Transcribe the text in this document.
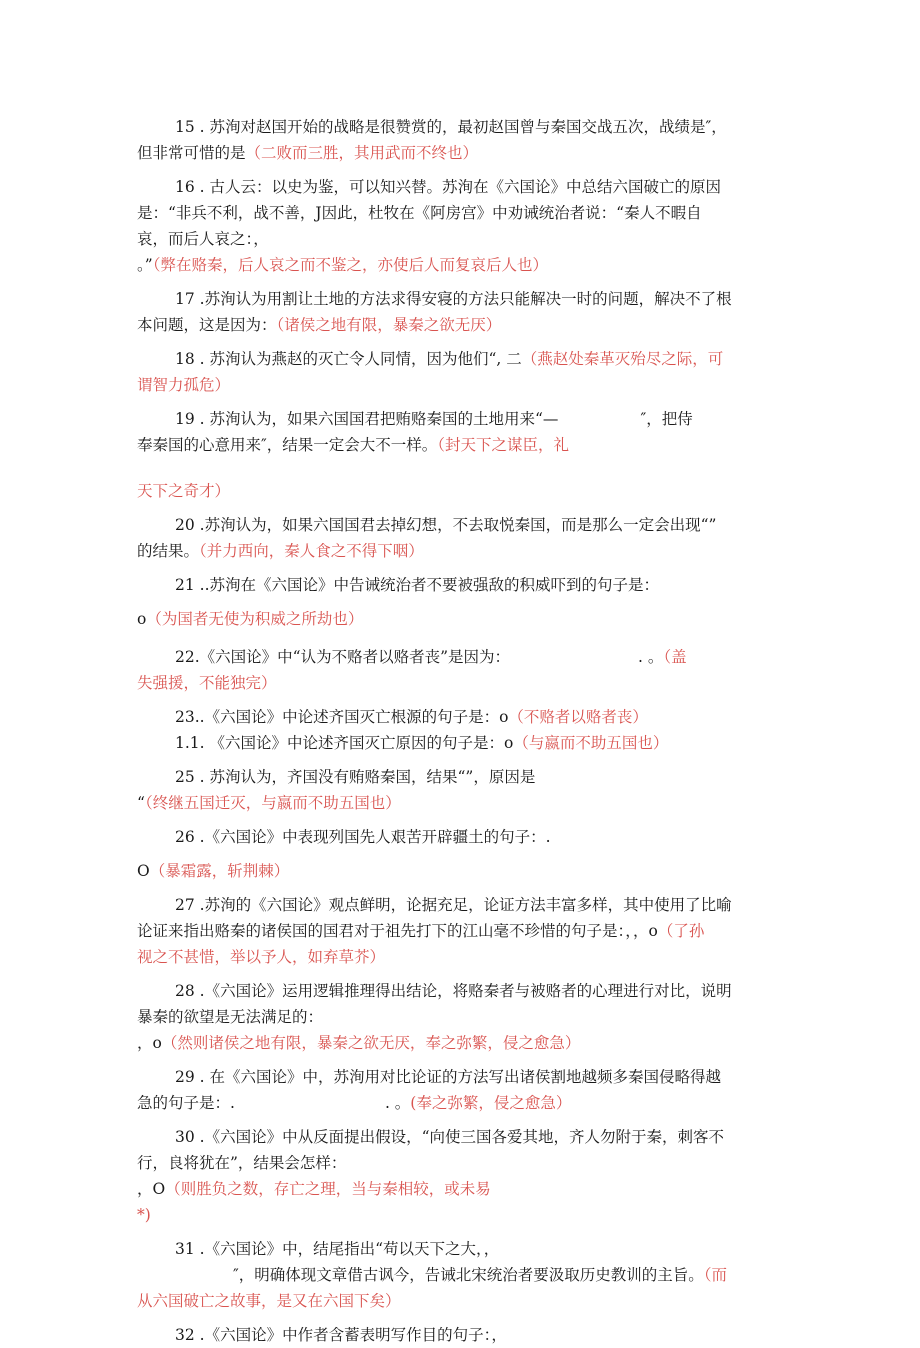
15 . 苏洵对赵国开始的战略是很赞赏的，最初赵国曾与秦国交战五次，战绩是″，
但非常可惜的是（二败而三胜，其用武而不终也）
16 . 古人云：以史为鉴，可以知兴替。苏洵在《六国论》中总结六国破亡的原因
是：“非兵不利，战不善，J因此，杜牧在《阿房宫》中劝诫统治者说：“秦人不暇自
哀，而后人哀之：，
。”（弊在赂秦，后人哀之而不鉴之，亦使后人而复哀后人也）
17 .苏洵认为用割让土地的方法求得安寝的方法只能解决一时的问题，解决不了根
本问题，这是因为：（诸侯之地有限，暴秦之欲无厌）
18 . 苏洵认为燕赵的灭亡令人同情，因为他们“, 二（燕赵处秦革灭殆尽之际，可
谓智力孤危）
19 . 苏洵认为，如果六国国君把贿赂秦国的土地用来“—	″，把侍
奉秦国的心意用来″，结果一定会大不一样。（封天下之谋臣，礼
天下之奇才）
20 .苏洵认为，如果六国国君去掉幻想，不去取悦秦国，而是那么一定会出现“”
的结果。（并力西向，秦人食之不得下咽）
21 ..苏洵在《六国论》中告诫统治者不要被强敌的积威吓到的句子是：
o（为国者无使为积威之所劫也）
22.《六国论》中“认为不赂者以赂者丧”是因为：	. 。（盖
失强援，不能独完）
23..《六国论》中论述齐国灭亡根源的句子是：o（不赂者以赂者丧）
1.1. 《六国论》中论述齐国灭亡原因的句子是：o（与嬴而不助五国也）
25 . 苏洵认为，齐国没有贿赂秦国，结果“”，原因是
“（终继五国迁灭，与嬴而不助五国也）
26 .《六国论》中表现列国先人艰苦开辟疆土的句子：.
O（暴霜露，斩荆棘）
27 .苏洵的《六国论》观点鲜明，论据充足，论证方法丰富多样，其中使用了比喻
论证来指出赂秦的诸侯国的国君对于祖先打下的江山毫不珍惜的句子是：，，o（了孙
视之不甚惜，举以予人，如弃草芥）
28 .《六国论》运用逻辑推理得出结论，将赂秦者与被赂者的心理进行对比，说明
暴秦的欲望是无法满足的：
，o（然则诸侯之地有限，暴秦之欲无厌，奉之弥繁，侵之愈急）
29 . 在《六国论》中，苏洵用对比论证的方法写出诸侯割地越频多秦国侵略得越
急的句子是：.	. 。(奉之弥繁，侵之愈急）
30 .《六国论》中从反面提出假设，“向使三国各爱其地，齐人勿附于秦，刺客不
行，良将犹在”，结果会怎样：
，O（则胜负之数，存亡之理，当与秦相较，或未易
*)
31 .《六国论》中，结尾指出“苟以天下之大，，
″，明确体现文章借古讽今，告诫北宋统治者要汲取历史教训的主旨。（而
从六国破亡之故事，是又在六国下矣）
32 .《六国论》中作者含蓄表明写作目的句子：，
